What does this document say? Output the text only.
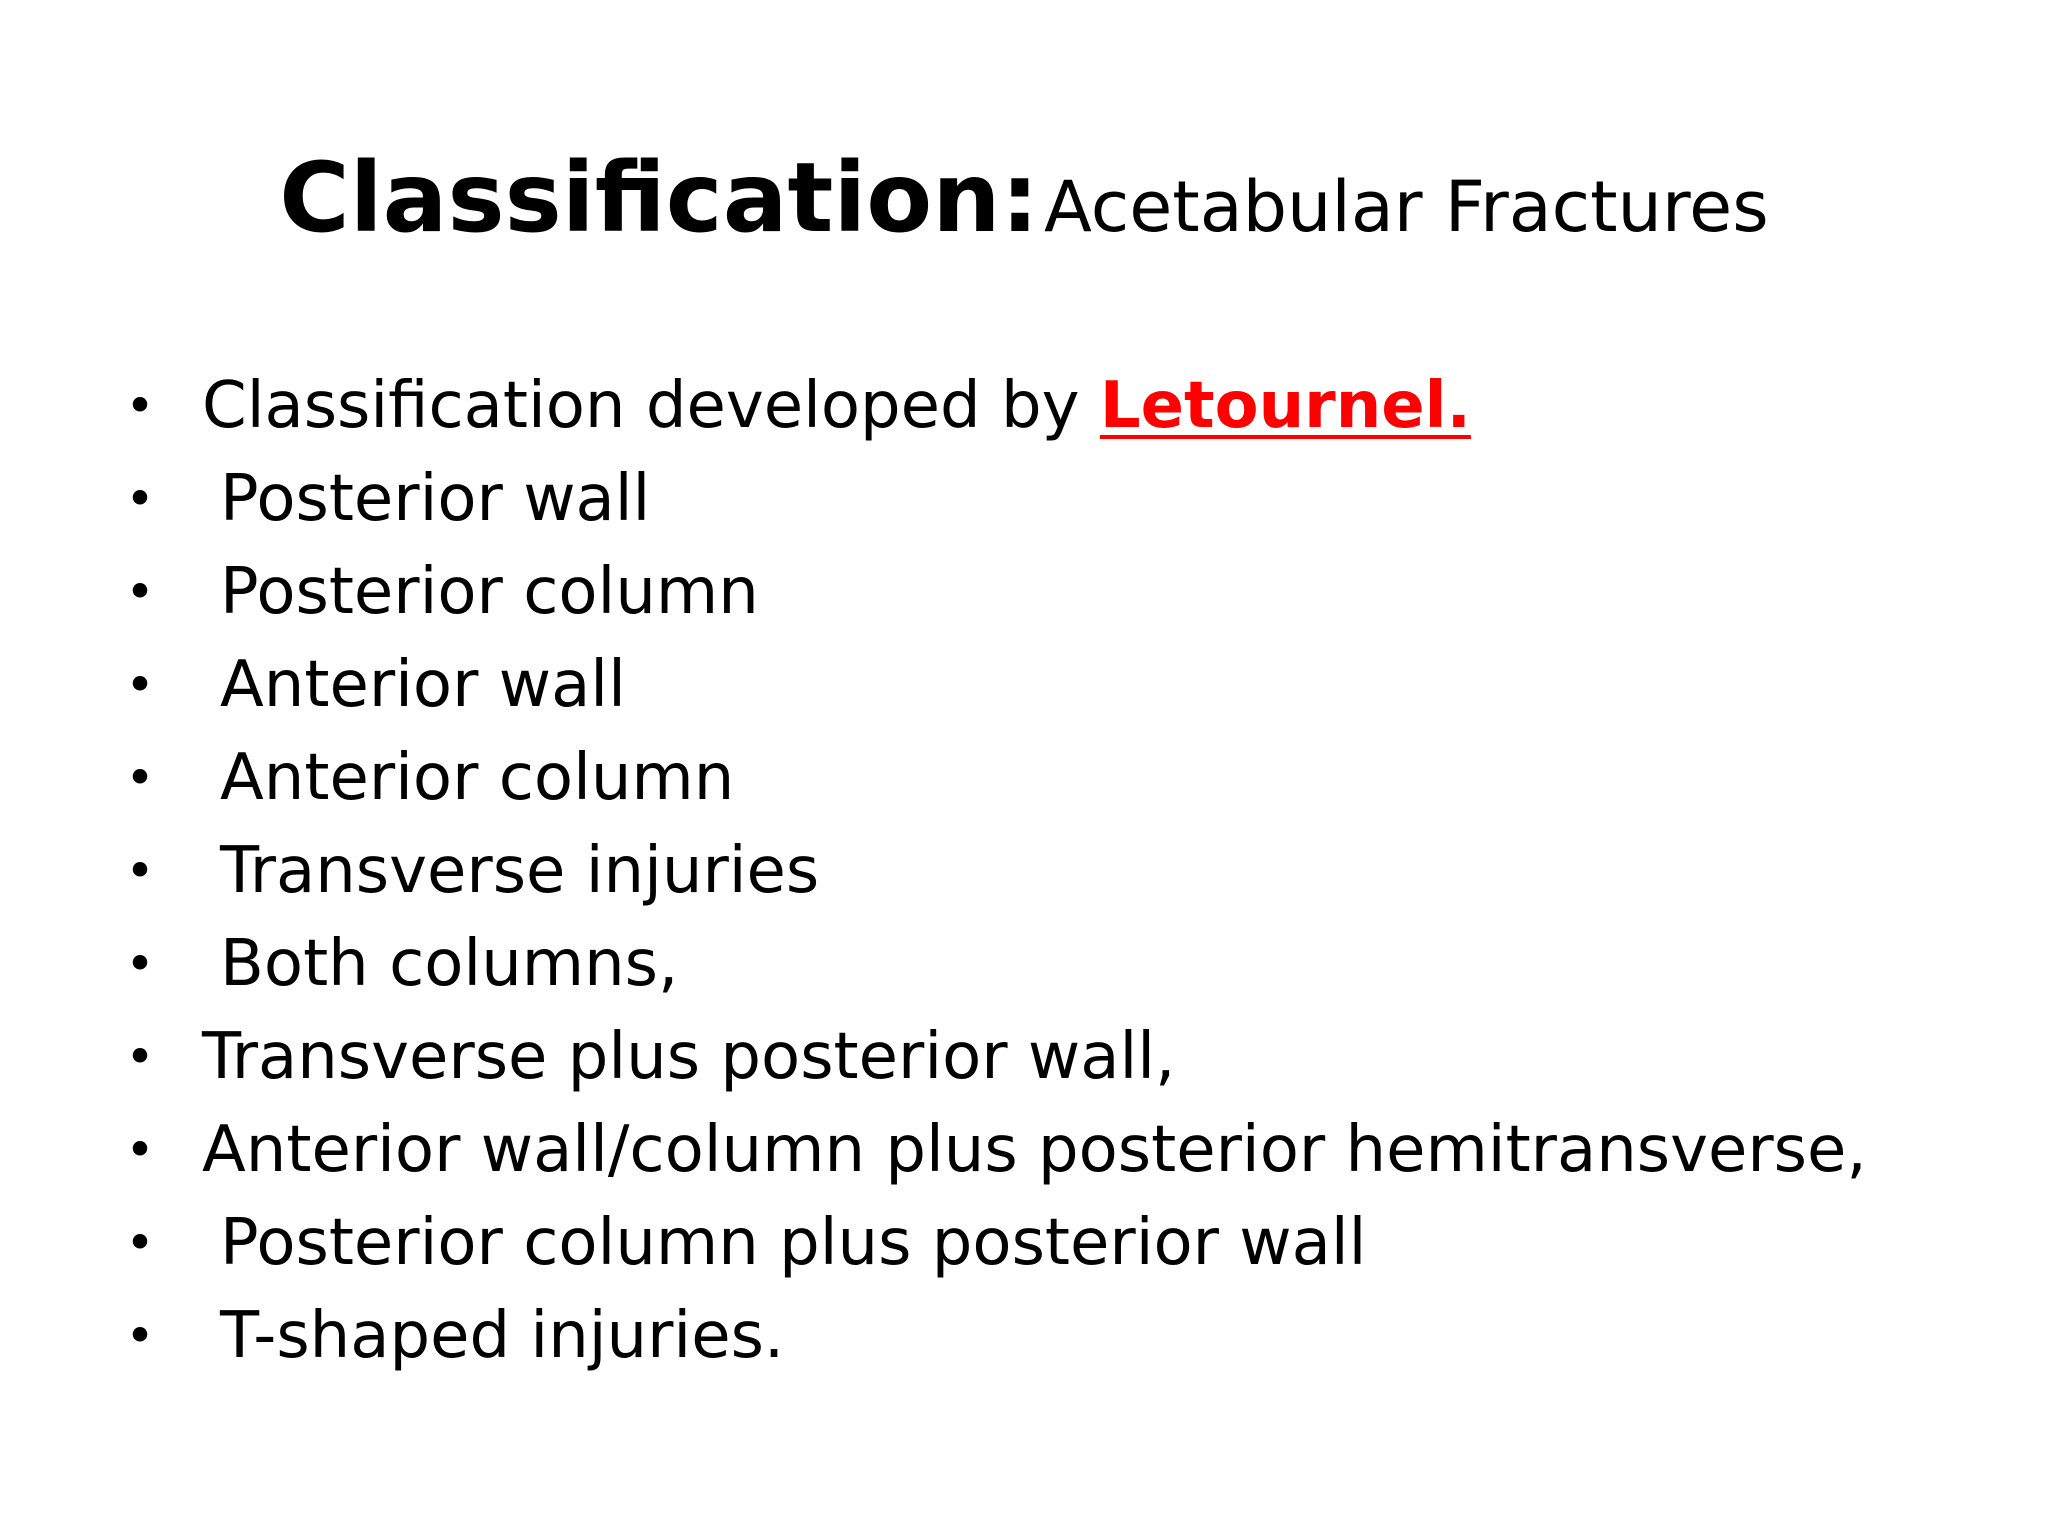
Classification: Acetabular Fractures
• Classification developed by Letournel.
• Posterior wall
• Posterior column
• Anterior wall
• Anterior column
• Transverse injuries
• Both columns,
• Transverse plus posterior wall,
• Anterior wall/column plus posterior hemitransverse,
• Posterior column plus posterior wall
• T-shaped injuries.
